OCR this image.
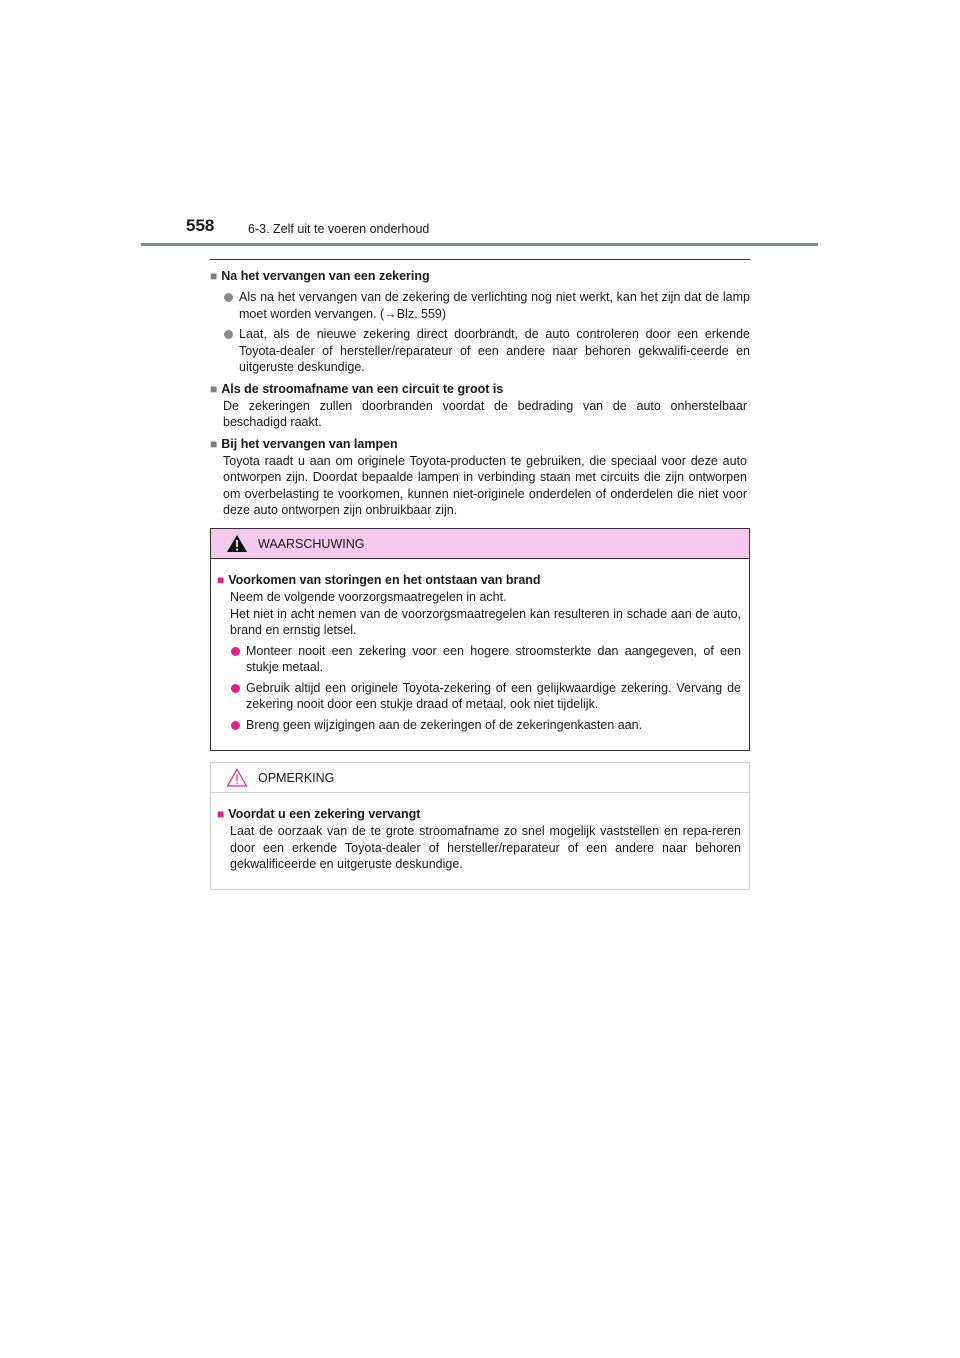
558	6-3. Zelf uit te voeren onderhoud
■ Na het vervangen van een zekering
Als na het vervangen van de zekering de verlichting nog niet werkt, kan het zijn dat de lamp moet worden vervangen. (→Blz. 559)
Laat, als de nieuwe zekering direct doorbrandt, de auto controleren door een erkende Toyota-dealer of hersteller/reparateur of een andere naar behoren gekwalifi-ceerde en uitgeruste deskundige.
■ Als de stroomafname van een circuit te groot is
De zekeringen zullen doorbranden voordat de bedrading van de auto onherstelbaar beschadigd raakt.
■ Bij het vervangen van lampen
Toyota raadt u aan om originele Toyota-producten te gebruiken, die speciaal voor deze auto ontworpen zijn. Doordat bepaalde lampen in verbinding staan met circuits die zijn ontworpen om overbelasting te voorkomen, kunnen niet-originele onderdelen of onderdelen die niet voor deze auto ontworpen zijn onbruikbaar zijn.
WAARSCHUWING
■ Voorkomen van storingen en het ontstaan van brand
Neem de volgende voorzorgsmaatregelen in acht.
Het niet in acht nemen van de voorzorgsmaatregelen kan resulteren in schade aan de auto, brand en ernstig letsel.
Monteer nooit een zekering voor een hogere stroomsterkte dan aangegeven, of een stukje metaal.
Gebruik altijd een originele Toyota-zekering of een gelijkwaardige zekering. Vervang de zekering nooit door een stukje draad of metaal, ook niet tijdelijk.
Breng geen wijzigingen aan de zekeringen of de zekeringenkasten aan.
OPMERKING
■ Voordat u een zekering vervangt
Laat de oorzaak van de te grote stroomafname zo snel mogelijk vaststellen en repa-reren door een erkende Toyota-dealer of hersteller/reparateur of een andere naar behoren gekwalificeerde en uitgeruste deskundige.
